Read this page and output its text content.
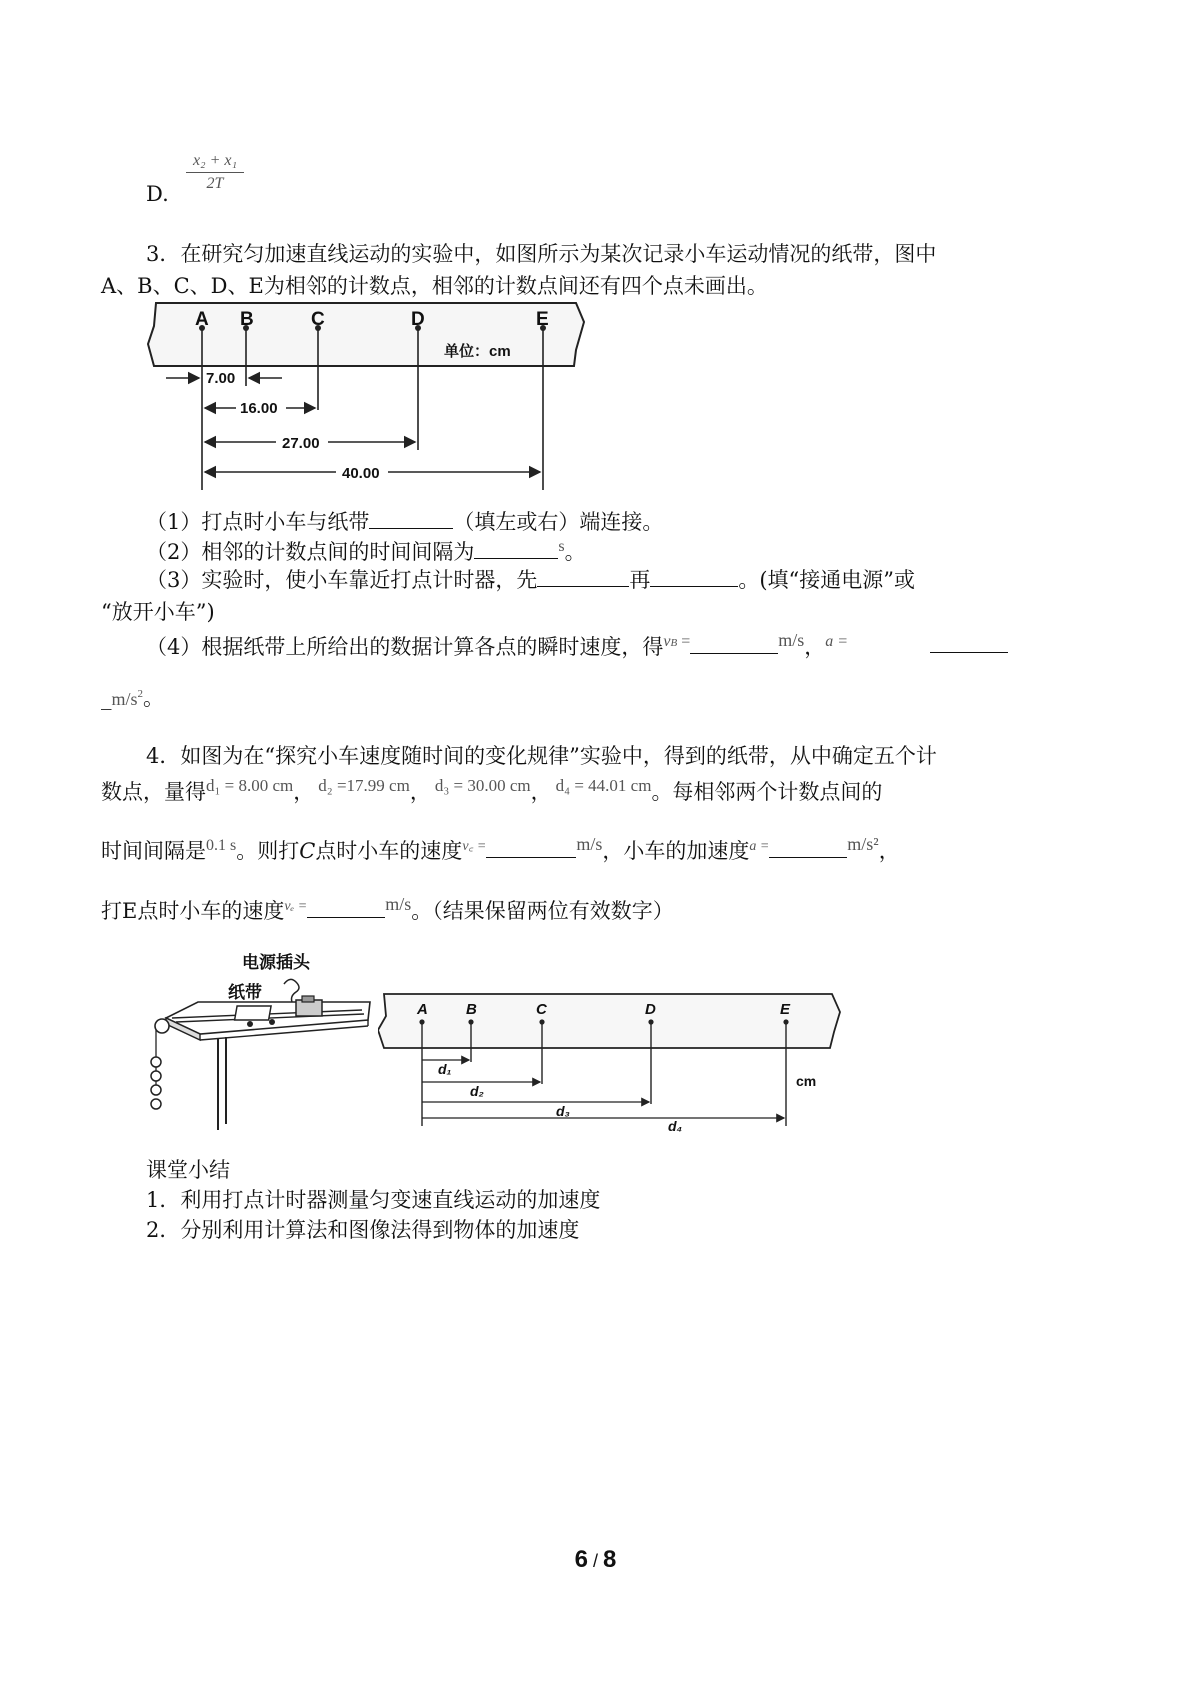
D.
x₂ + x₁
2T
3．在研究匀加速直线运动的实验中，如图所示为某次记录小车运动情况的纸带，图中
A、B、C、D、E为相邻的计数点，相邻的计数点间还有四个点未画出。
A B	C	D	E
单位：cm
7.00
16.00
27.00
40.00
（1）打点时小车与纸带	（填左或右）端连接。
（2）相邻的计数点间的时间间隔为	$^s$。
（3）实验时，使小车靠近打点计时器，先	再	。(填“接通电源”或
“放开小车”)
（4）根据纸带上所给出的数据计算各点的瞬时速度，得$^{vB}$ =	m/s，$^{a =}$
$\_m/s^2$。
4．如图为在“探究小车速度随时间的变化规律”实验中，得到的纸带，从中确定五个计
数点，量得$^{d_1 = 8.00 cm}$， $^{d_2 =17.99 cm}$， $^{d_3 = 30.00 cm}$， $^{d_4 = 44.01 cm}$。每相邻两个计数点间的
时间间隔是$^{0.1 s}$。则打C点时小车的速度$^{v꜀ =}$	m/s，小车的加速度$^{a =}$	m/s²，
打E点时小车的速度$^{v_e =}$	m/s。（结果保留两位有效数字）
电源插头
纸带
A	B	C	D	E
d₁
d₂
d₃
d₄
cm
课堂小结
1．利用打点计时器测量匀变速直线运动的加速度
2．分别利用计算法和图像法得到物体的加速度
6 / 8
